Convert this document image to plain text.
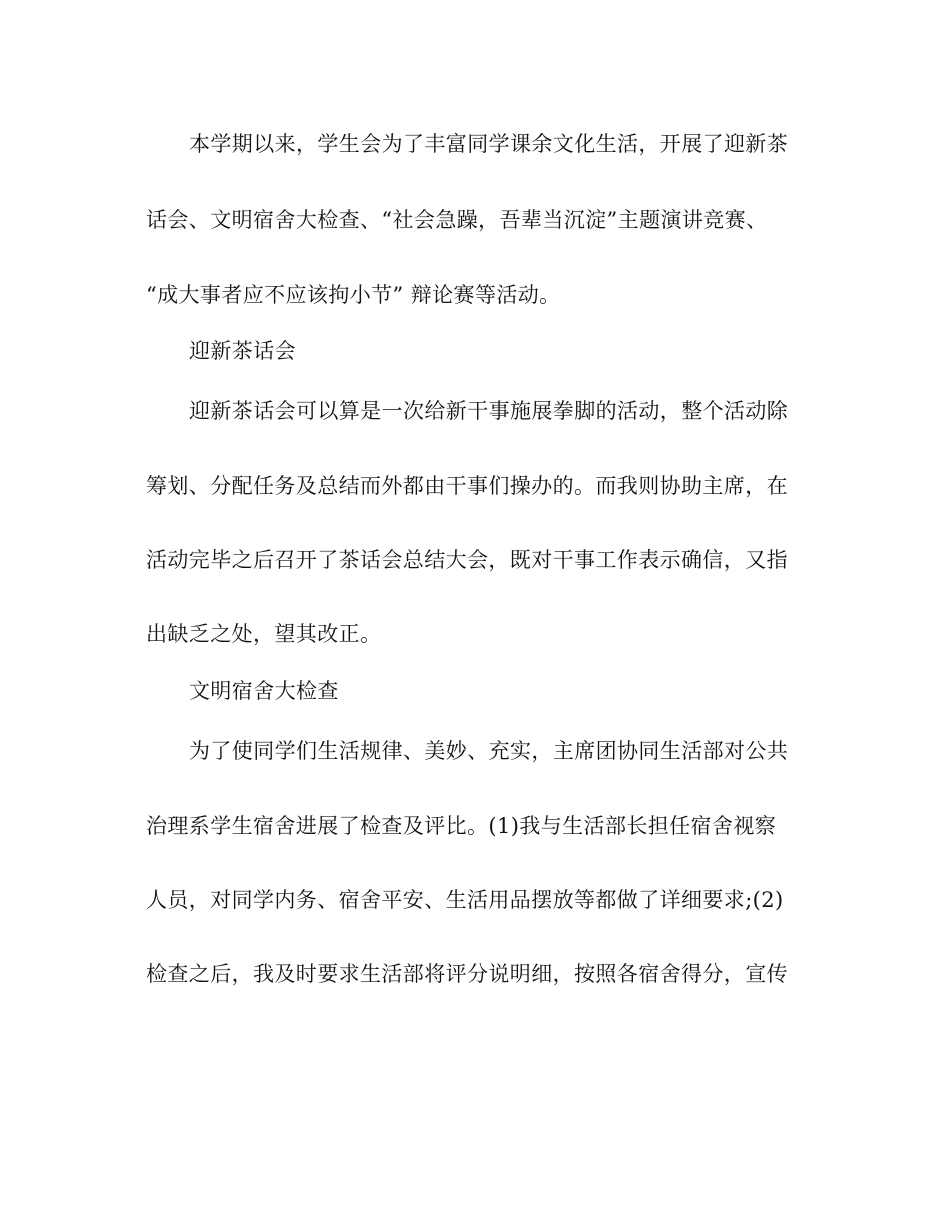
本学期以来，学生会为了丰富同学课余文化生活，开展了迎新茶
话会、文明宿舍大检查、“社会急躁，吾辈当沉淀”主题演讲竞赛、
“成大事者应不应该拘小节” 辩论赛等活动。
迎新茶话会
迎新茶话会可以算是一次给新干事施展拳脚的活动，整个活动除
筹划、分配任务及总结而外都由干事们操办的。而我则协助主席，在
活动完毕之后召开了茶话会总结大会，既对干事工作表示确信，又指
出缺乏之处，望其改正。
文明宿舍大检查
为了使同学们生活规律、美妙、充实，主席团协同生活部对公共
治理系学生宿舍进展了检查及评比。(1)我与生活部长担任宿舍视察
人员，对同学内务、宿舍平安、生活用品摆放等都做了详细要求;(2)
检查之后，我及时要求生活部将评分说明细，按照各宿舍得分，宣传
